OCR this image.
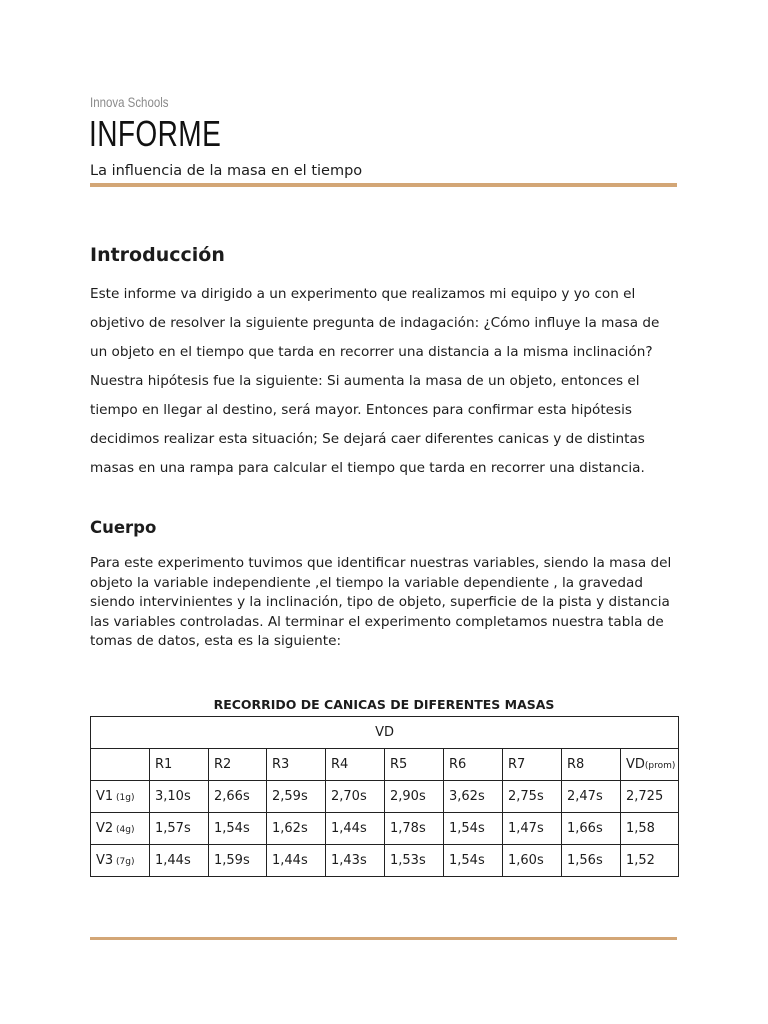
Innova Schools
INFORME
La influencia de la masa en el tiempo
Introducción

Este informe va dirigido a un experimento que realizamos mi equipo y yo con el objetivo de resolver la siguiente pregunta de indagación: ¿Cómo influye la masa de un objeto en el tiempo que tarda en recorrer una distancia a la misma inclinación? Nuestra hipótesis fue la siguiente: Si aumenta la masa de un objeto, entonces el tiempo en llegar al destino, será mayor. Entonces para confirmar esta hipótesis decidimos realizar esta situación; Se dejará caer diferentes canicas y de distintas masas en una rampa para calcular el tiempo que tarda en recorrer una distancia.

Cuerpo

Para este experimento tuvimos que identificar nuestras variables, siendo la masa del objeto la variable independiente ,el tiempo la variable dependiente , la gravedad siendo intervinientes y la inclinación, tipo de objeto, superficie de la pista y distancia las variables controladas. Al terminar el experimento completamos nuestra tabla de tomas de datos, esta es la siguiente:

RECORRIDO DE CANICAS DE DIFERENTES MASAS
VD									
	R1	R2	R3	R4	R5	R6	R7	R8	VD(prom)
V1 (1g)	3,10s	2,66s	2,59s	2,70s	2,90s	3,62s	2,75s	2,47s	2,725
V2 (4g)	1,57s	1,54s	1,62s	1,44s	1,78s	1,54s	1,47s	1,66s	1,58
V3 (7g)	1,44s	1,59s	1,44s	1,43s	1,53s	1,54s	1,60s	1,56s	1,52
